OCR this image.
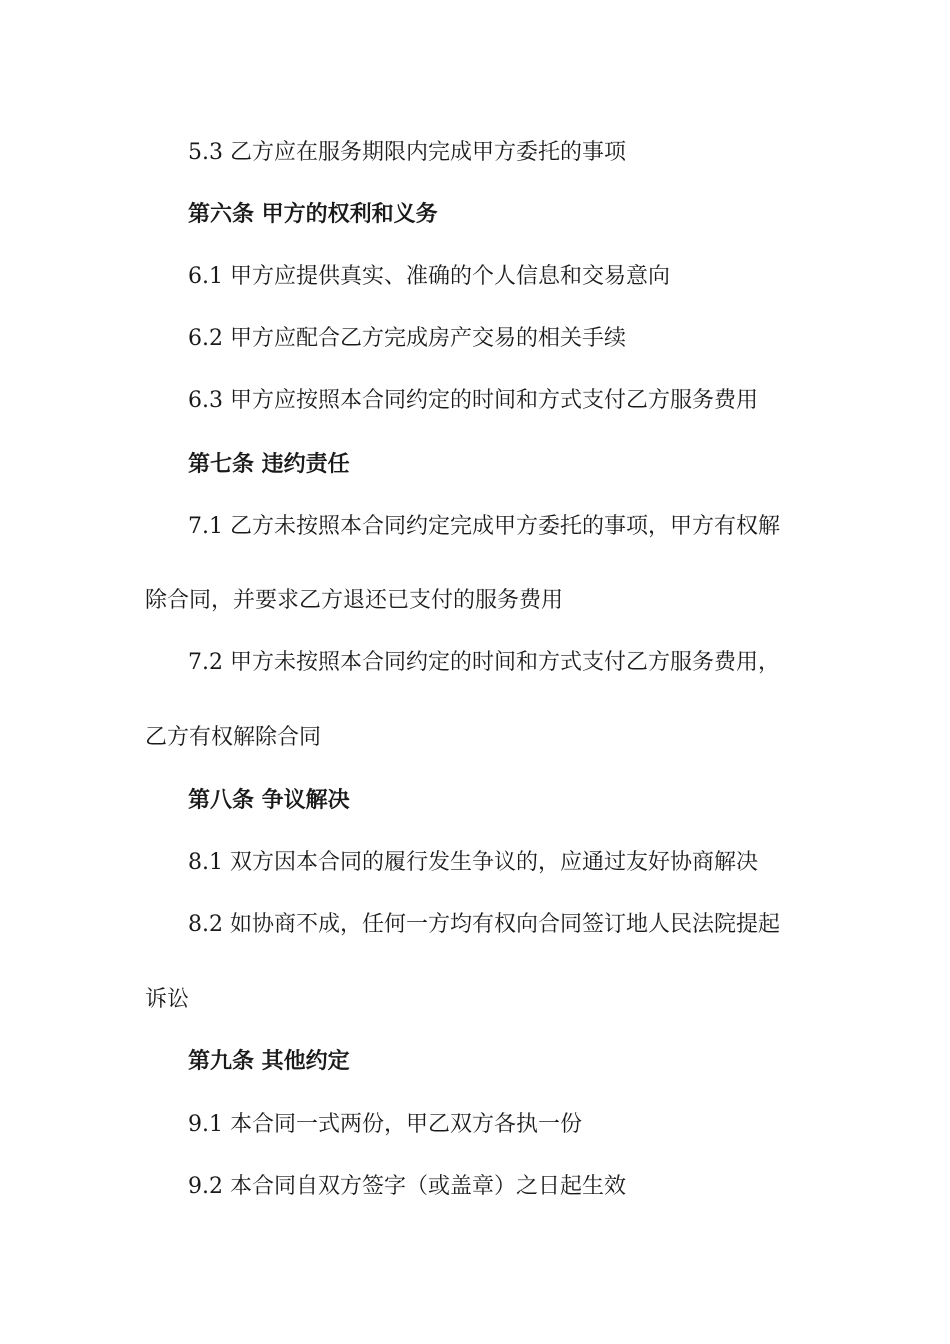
5.3 乙方应在服务期限内完成甲方委托的事项
第六条 甲方的权利和义务
6.1 甲方应提供真实、准确的个人信息和交易意向
6.2 甲方应配合乙方完成房产交易的相关手续
6.3 甲方应按照本合同约定的时间和方式支付乙方服务费用
第七条 违约责任
7.1 乙方未按照本合同约定完成甲方委托的事项，甲方有权解
除合同，并要求乙方退还已支付的服务费用
7.2 甲方未按照本合同约定的时间和方式支付乙方服务费用，
乙方有权解除合同
第八条 争议解决
8.1 双方因本合同的履行发生争议的，应通过友好协商解决
8.2 如协商不成，任何一方均有权向合同签订地人民法院提起
诉讼
第九条 其他约定
9.1 本合同一式两份，甲乙双方各执一份
9.2 本合同自双方签字（或盖章）之日起生效
